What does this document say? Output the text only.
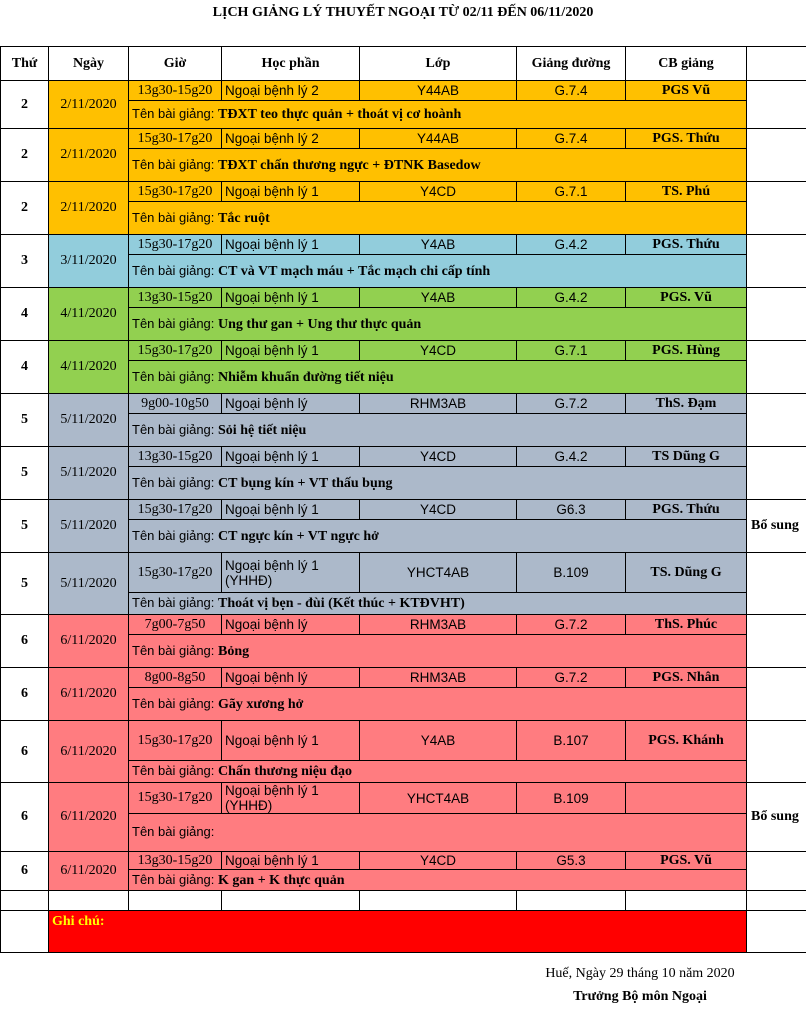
LỊCH GIẢNG LÝ THUYẾT NGOẠI TỪ 02/11 ĐẾN 06/11/2020
Thứ	Ngày	Giờ	Học phần	Lớp	Giảng đường	CB giảng	
2	2/11/2020	13g30-15g20	Ngoại bệnh lý 2	Y44AB	G.7.4	PGS Vũ	
		Tên bài giảng: TĐXT teo thực quản + thoát vị cơ hoành					
2	2/11/2020	15g30-17g20	Ngoại bệnh lý 2	Y44AB	G.7.4	PGS. Thứu	
		Tên bài giảng: TĐXT chấn thương ngực + ĐTNK Basedow					
2	2/11/2020	15g30-17g20	Ngoại bệnh lý 1	Y4CD	G.7.1	TS. Phú	
		Tên bài giảng: Tắc ruột					
3	3/11/2020	15g30-17g20	Ngoại bệnh lý 1	Y4AB	G.4.2	PGS. Thứu	
		Tên bài giảng: CT và VT mạch máu + Tắc mạch chi cấp tính					
4	4/11/2020	13g30-15g20	Ngoại bệnh lý 1	Y4AB	G.4.2	PGS. Vũ	
		Tên bài giảng: Ung thư gan + Ung thư thực quản					
4	4/11/2020	15g30-17g20	Ngoại bệnh lý 1	Y4CD	G.7.1	PGS. Hùng	
		Tên bài giảng: Nhiễm khuẩn đường tiết niệu					
5	5/11/2020	9g00-10g50	Ngoại bệnh lý	RHM3AB	G.7.2	ThS. Đạm	
		Tên bài giảng: Sỏi hệ tiết niệu					
5	5/11/2020	13g30-15g20	Ngoại bệnh lý 1	Y4CD	G.4.2	TS Dũng G	
		Tên bài giảng: CT bụng kín + VT thấu bụng					
5	5/11/2020	15g30-17g20	Ngoại bệnh lý 1	Y4CD	G6.3	PGS. Thứu	Bổ sung
		Tên bài giảng: CT ngực kín + VT ngực hở					
5	5/11/2020	15g30-17g20	Ngoại bệnh lý 1 (YHHĐ)	YHCT4AB	B.109	TS. Dũng G	
		Tên bài giảng: Thoát vị bẹn - đùi (Kết thúc + KTĐVHT)					
6	6/11/2020	7g00-7g50	Ngoại bệnh lý	RHM3AB	G.7.2	ThS. Phúc	
		Tên bài giảng: Bỏng					
6	6/11/2020	8g00-8g50	Ngoại bệnh lý	RHM3AB	G.7.2	PGS. Nhân	
		Tên bài giảng: Gãy xương hở					
6	6/11/2020	15g30-17g20	Ngoại bệnh lý 1	Y4AB	B.107	PGS. Khánh	
		Tên bài giảng: Chấn thương niệu đạo					
6	6/11/2020	15g30-17g20	Ngoại bệnh lý 1 (YHHĐ)	YHCT4AB	B.109		Bổ sung
		Tên bài giảng:					
6	6/11/2020	13g30-15g20	Ngoại bệnh lý 1	Y4CD	G5.3	PGS. Vũ	
		Tên bài giảng: K gan + K thực quản					

	Ghi chú:						
Huế, Ngày 29 tháng 10 năm 2020
Trưởng Bộ môn Ngoại
